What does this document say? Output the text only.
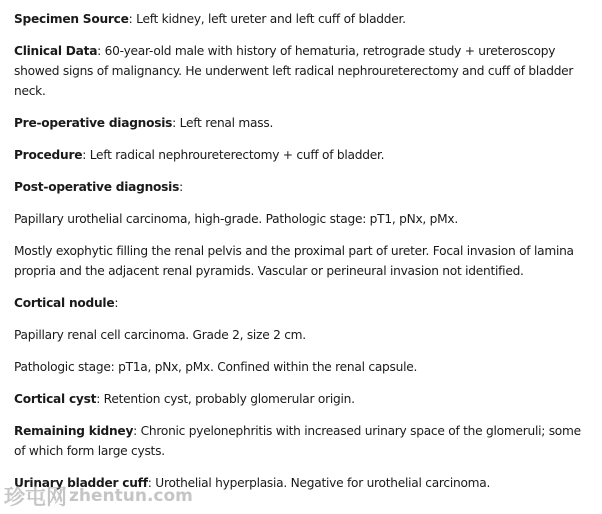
Specimen Source: Left kidney, left ureter and left cuff of bladder.

Clinical Data: 60-year-old male with history of hematuria, retrograde study + ureteroscopy showed signs of malignancy. He underwent left radical nephroureterectomy and cuff of bladder neck.

Pre-operative diagnosis: Left renal mass.

Procedure: Left radical nephroureterectomy + cuff of bladder.

Post-operative diagnosis:

Papillary urothelial carcinoma, high-grade. Pathologic stage: pT1, pNx, pMx.

Mostly exophytic filling the renal pelvis and the proximal part of ureter. Focal invasion of lamina propria and the adjacent renal pyramids. Vascular or perineural invasion not identified.

Cortical nodule:

Papillary renal cell carcinoma. Grade 2, size 2 cm.

Pathologic stage: pT1a, pNx, pMx. Confined within the renal capsule.

Cortical cyst: Retention cyst, probably glomerular origin.

Remaining kidney: Chronic pyelonephritis with increased urinary space of the glomeruli; some of which form large cysts.

Urinary bladder cuff: Urothelial hyperplasia. Negative for urothelial carcinoma.

珍屯网 zhentun.com
